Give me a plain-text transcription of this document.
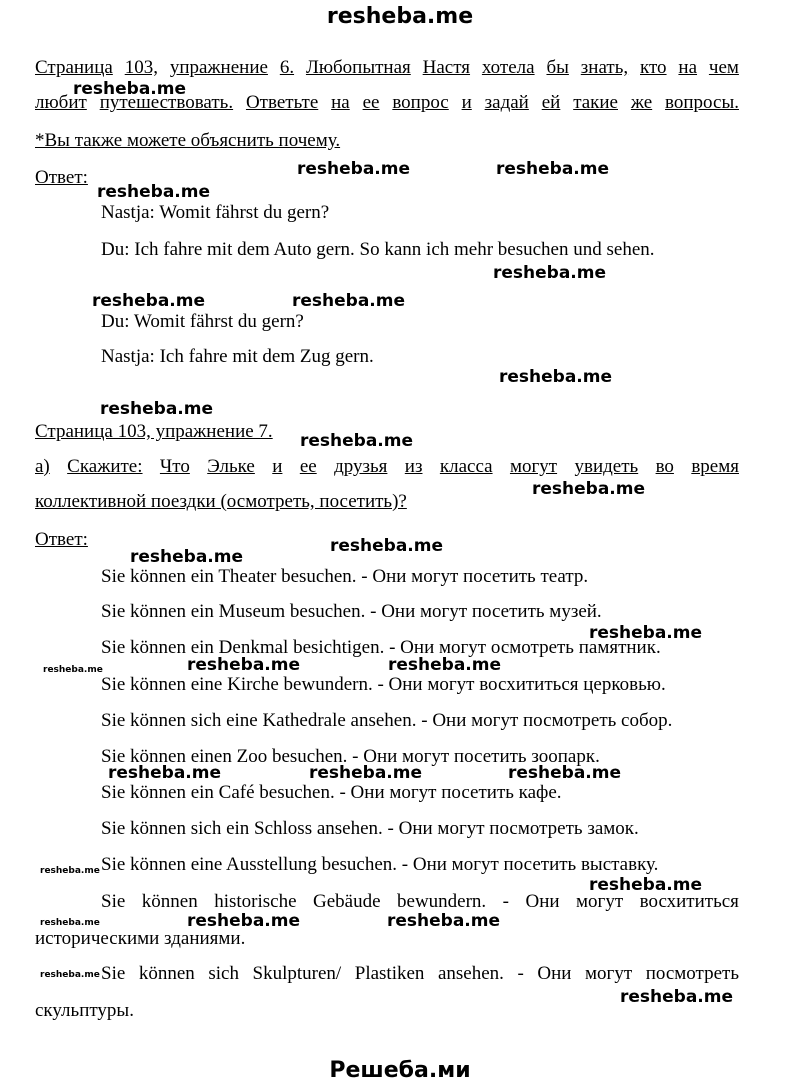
resheba.me
Страница 103, упражнение 6. Любопытная Настя хотела бы знать, кто на чем
любит путешествовать. Ответьте на ее вопрос и задай ей такие же вопросы.
*Вы также можете объяснить почему.
Ответ:
Nastja: Womit fährst du gern?
Du: Ich fahre mit dem Auto gern. So kann ich mehr besuchen und sehen.
Du: Womit fährst du gern?
Nastja: Ich fahre mit dem Zug gern.
Страница 103, упражнение 7.
а) Скажите: Что Эльке и ее друзья из класса могут увидеть во время
коллективной поездки (осмотреть, посетить)?
Ответ:
Sie können ein Theater besuchen. - Они могут посетить театр.
Sie können ein Museum besuchen. - Они могут посетить музей.
Sie können ein Denkmal besichtigen. - Они могут осмотреть памятник.
Sie können eine Kirche bewundern. - Они могут восхититься церковью.
Sie können sich eine Kathedrale ansehen. - Они могут посмотреть собор.
Sie können einen Zoo besuchen. - Они могут посетить зоопарк.
Sie können ein Café besuchen. - Они могут посетить кафе.
Sie können sich ein Schloss ansehen. - Они могут посмотреть замок.
Sie können eine Ausstellung besuchen. - Они могут посетить выставку.
Sie können historische Gebäude bewundern. - Они могут восхититься
историческими зданиями.
Sie können sich Skulpturen/ Plastiken ansehen. - Они могут посмотреть
скульптуры.
resheba.me
resheba.me	resheba.me
resheba.me
resheba.me
resheba.me	resheba.me
resheba.me
resheba.me
resheba.me
resheba.me
resheba.me
resheba.me
resheba.me
resheba.me	resheba.me
resheba.me	resheba.me	resheba.me
resheba.me
resheba.me	resheba.me
resheba.me
resheba.me
resheba.me
resheba.me
resheba.me
Решеба.ми
